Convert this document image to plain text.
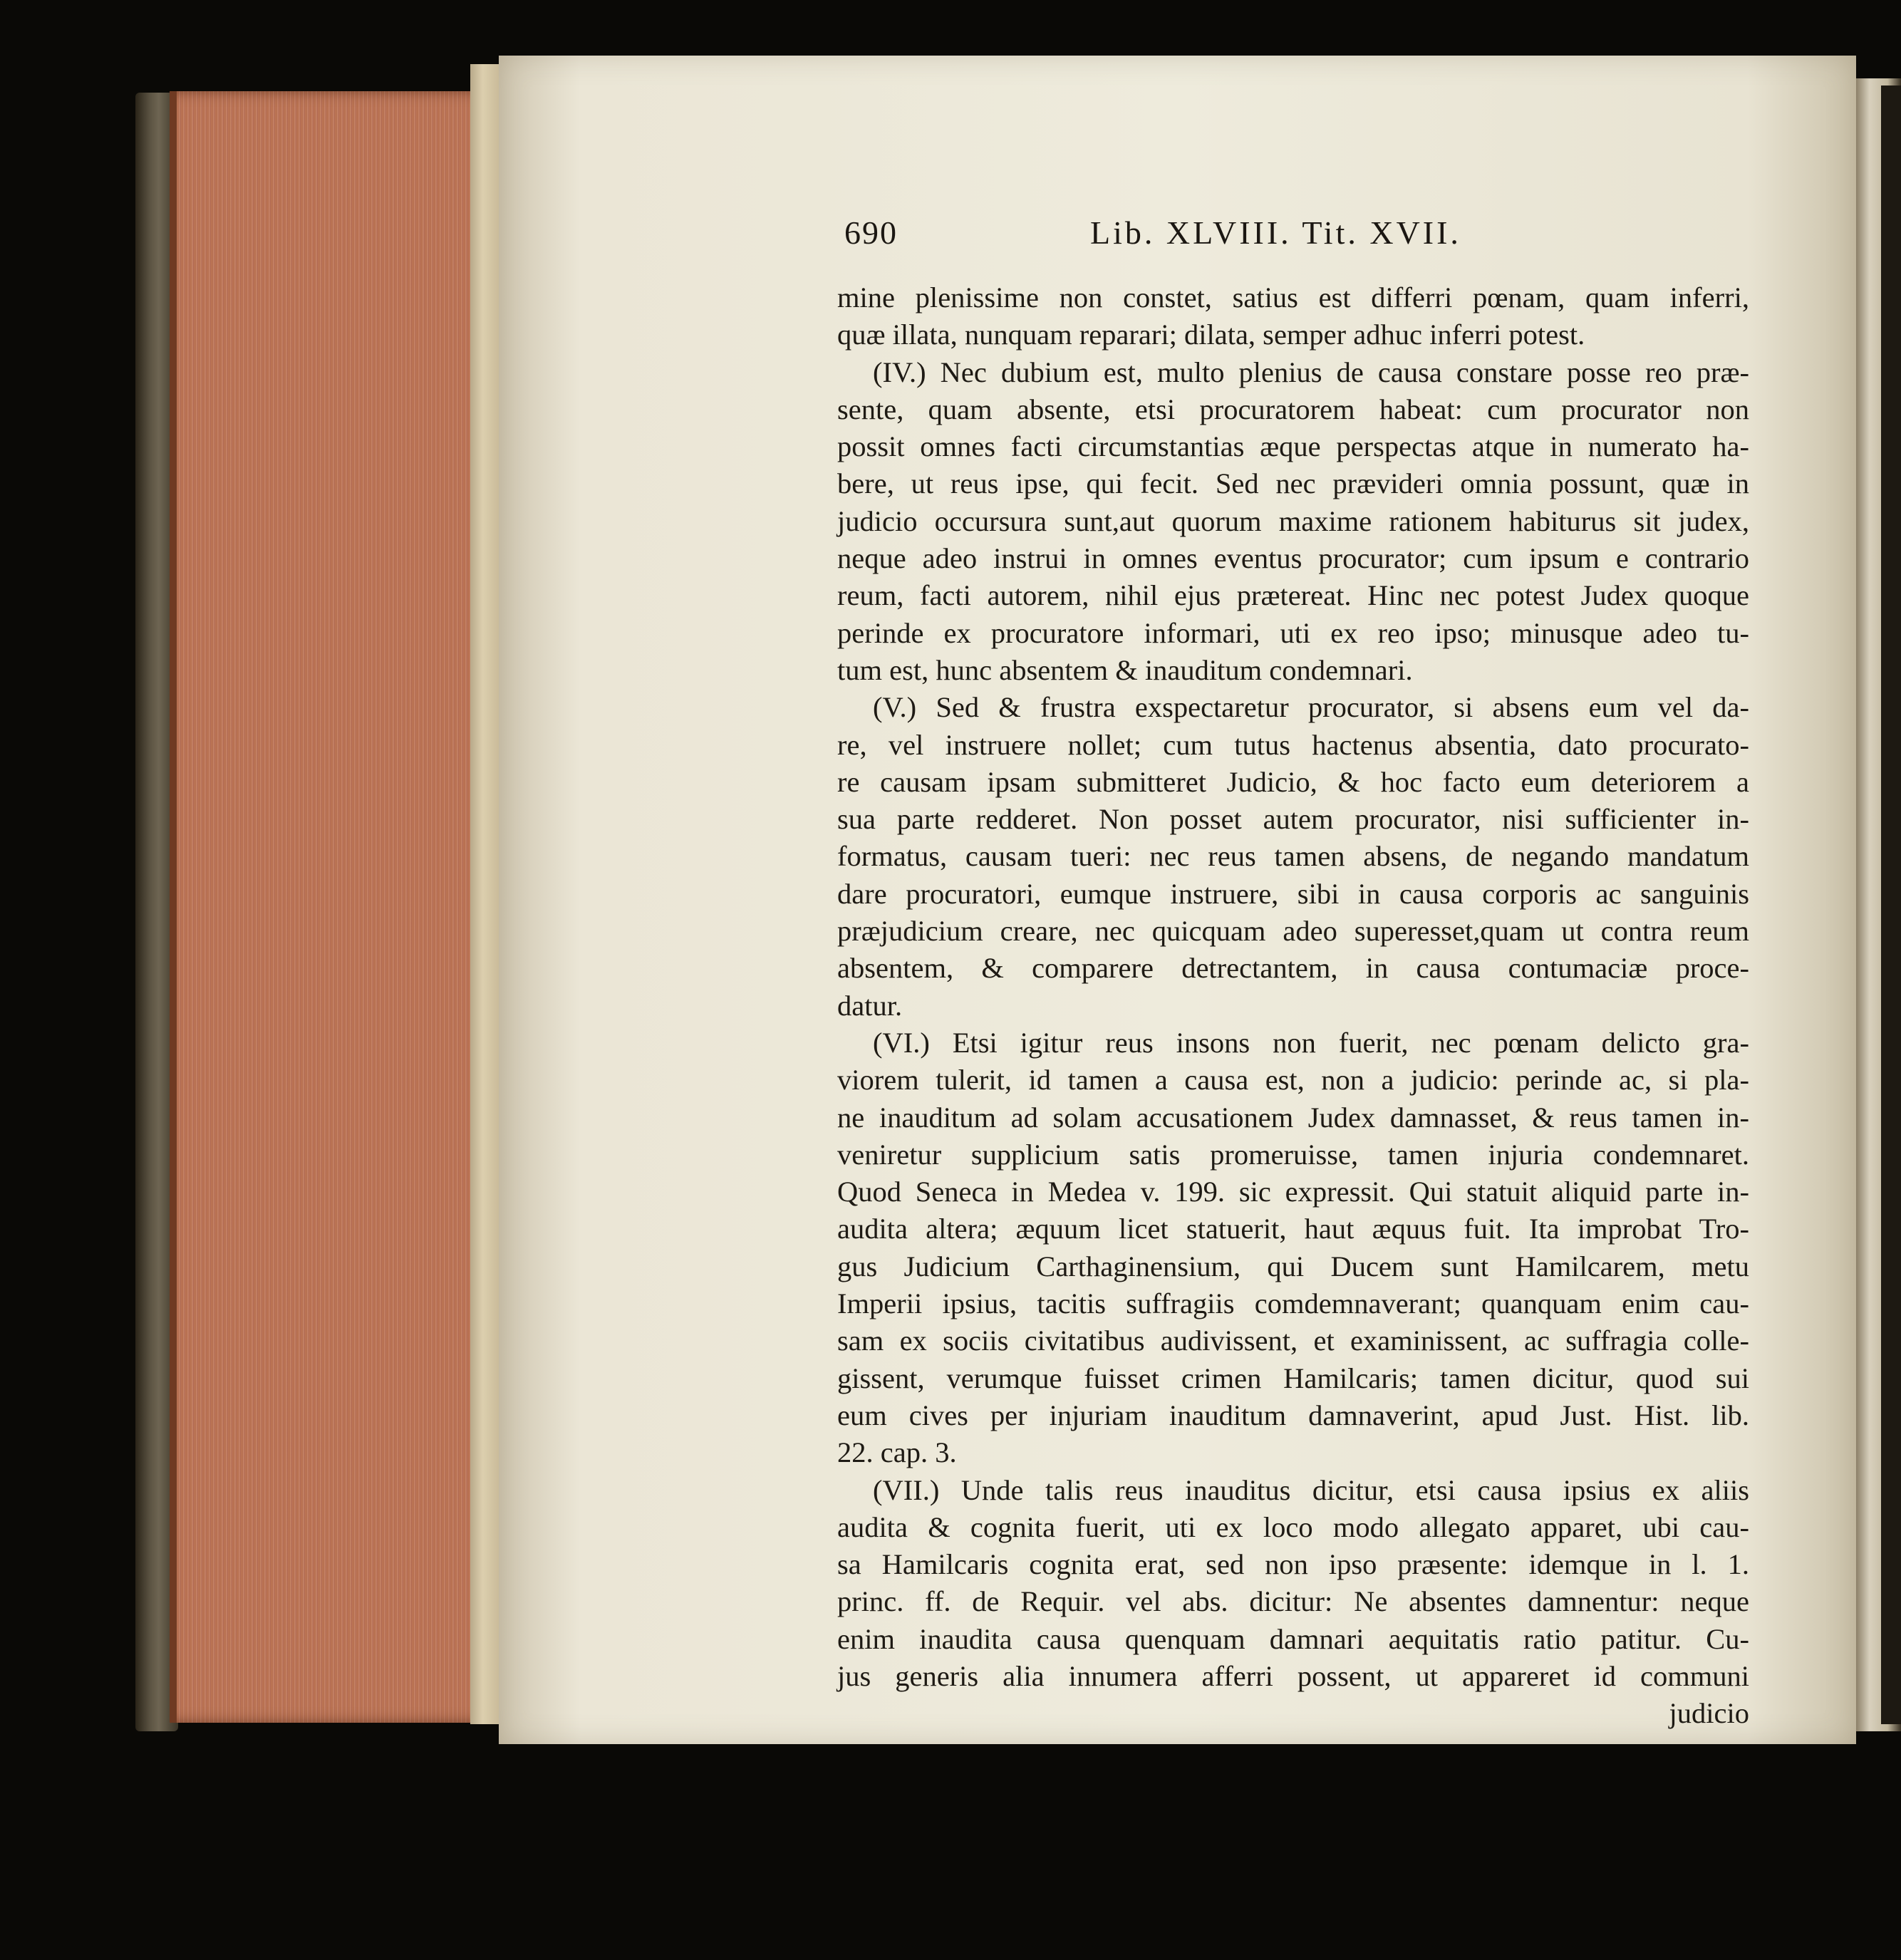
690	Lib. XLVIII. Tit. XVII.
mine plenissime non constet, satius est differri pœnam, quam inferri,
quæ illata, nunquam reparari; dilata, semper adhuc inferri potest.
(IV.) Nec dubium est, multo plenius de causa constare posse reo præ-
sente, quam absente, etsi procuratorem habeat: cum procurator non
possit omnes facti circumstantias æque perspectas atque in numerato ha-
bere, ut reus ipse, qui fecit. Sed nec prævideri omnia possunt, quæ in
judicio occursura sunt,aut quorum maxime rationem habiturus sit judex,
neque adeo instrui in omnes eventus procurator; cum ipsum e contrario
reum, facti autorem, nihil ejus prætereat. Hinc nec potest Judex quoque
perinde ex procuratore informari, uti ex reo ipso; minusque adeo tu-
tum est, hunc absentem & inauditum condemnari.
(V.) Sed & frustra exspectaretur procurator, si absens eum vel da-
re, vel instruere nollet; cum tutus hactenus absentia, dato procurato-
re causam ipsam submitteret Judicio, & hoc facto eum deteriorem a
sua parte redderet. Non posset autem procurator, nisi sufficienter in-
formatus, causam tueri: nec reus tamen absens, de negando mandatum
dare procuratori, eumque instruere, sibi in causa corporis ac sanguinis
præjudicium creare, nec quicquam adeo superesset,quam ut contra reum
absentem, & comparere detrectantem, in causa contumaciæ proce-
datur.
(VI.) Etsi igitur reus insons non fuerit, nec pœnam delicto gra-
viorem tulerit, id tamen a causa est, non a judicio: perinde ac, si pla-
ne inauditum ad solam accusationem Judex damnasset, & reus tamen in-
veniretur supplicium satis promeruisse, tamen injuria condemnaret.
Quod Seneca in Medea v. 199. sic expressit. Qui statuit aliquid parte in-
audita altera; æquum licet statuerit, haut æquus fuit. Ita improbat Tro-
gus Judicium Carthaginensium, qui Ducem sunt Hamilcarem, metu
Imperii ipsius, tacitis suffragiis comdemnaverant; quanquam enim cau-
sam ex sociis civitatibus audivissent, et examinissent, ac suffragia colle-
gissent, verumque fuisset crimen Hamilcaris; tamen dicitur, quod sui
eum cives per injuriam inauditum damnaverint, apud Just. Hist. lib.
22. cap. 3.
(VII.) Unde talis reus inauditus dicitur, etsi causa ipsius ex aliis
audita & cognita fuerit, uti ex loco modo allegato apparet, ubi cau-
sa Hamilcaris cognita erat, sed non ipso præsente: idemque in l. 1.
princ. ff. de Requir. vel abs. dicitur: Ne absentes damnentur: neque
enim inaudita causa quenquam damnari aequitatis ratio patitur. Cu-
jus generis alia innumera afferri possent, ut appareret id communi
judicio
